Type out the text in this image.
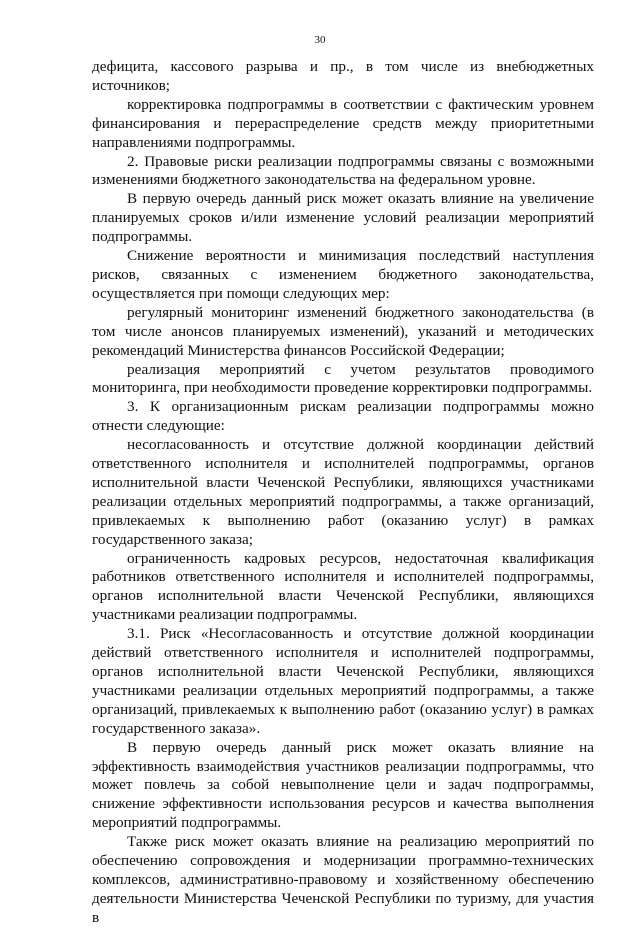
30

дефицита, кассового разрыва и пр., в том числе из внебюджетных источников;

корректировка подпрограммы в соответствии с фактическим уровнем финансирования и перераспределение средств между приоритетными направлениями подпрограммы.

2. Правовые риски реализации подпрограммы связаны с возможными изменениями бюджетного законодательства на федеральном уровне.

В первую очередь данный риск может оказать влияние на увеличение планируемых сроков и/или изменение условий реализации мероприятий подпрограммы.

Снижение вероятности и минимизация последствий наступления рисков, связанных с изменением бюджетного законодательства, осуществляется при помощи следующих мер:

регулярный мониторинг изменений бюджетного законодательства (в том числе анонсов планируемых изменений), указаний и методических рекомендаций Министерства финансов Российской Федерации;

реализация мероприятий с учетом результатов проводимого мониторинга, при необходимости проведение корректировки подпрограммы.

3. К организационным рискам реализации подпрограммы можно отнести следующие:

несогласованность и отсутствие должной координации действий ответственного исполнителя и исполнителей подпрограммы, органов исполнительной власти Чеченской Республики, являющихся участниками реализации отдельных мероприятий подпрограммы, а также организаций, привлекаемых к выполнению работ (оказанию услуг) в рамках государственного заказа;

ограниченность кадровых ресурсов, недостаточная квалификация работников ответственного исполнителя и исполнителей подпрограммы, органов исполнительной власти Чеченской Республики, являющихся участниками реализации подпрограммы.

3.1. Риск «Несогласованность и отсутствие должной координации действий ответственного исполнителя и исполнителей подпрограммы, органов исполнительной власти Чеченской Республики, являющихся участниками реализации отдельных мероприятий подпрограммы, а также организаций, привлекаемых к выполнению работ (оказанию услуг) в рамках государственного заказа».

В первую очередь данный риск может оказать влияние на эффективность взаимодействия участников реализации подпрограммы, что может повлечь за собой невыполнение цели и задач подпрограммы, снижение эффективности использования ресурсов и качества выполнения мероприятий подпрограммы.

Также риск может оказать влияние на реализацию мероприятий по обеспечению сопровождения и модернизации программно-технических комплексов, административно-правовому и хозяйственному обеспечению деятельности Министерства Чеченской Республики по туризму, для участия в
